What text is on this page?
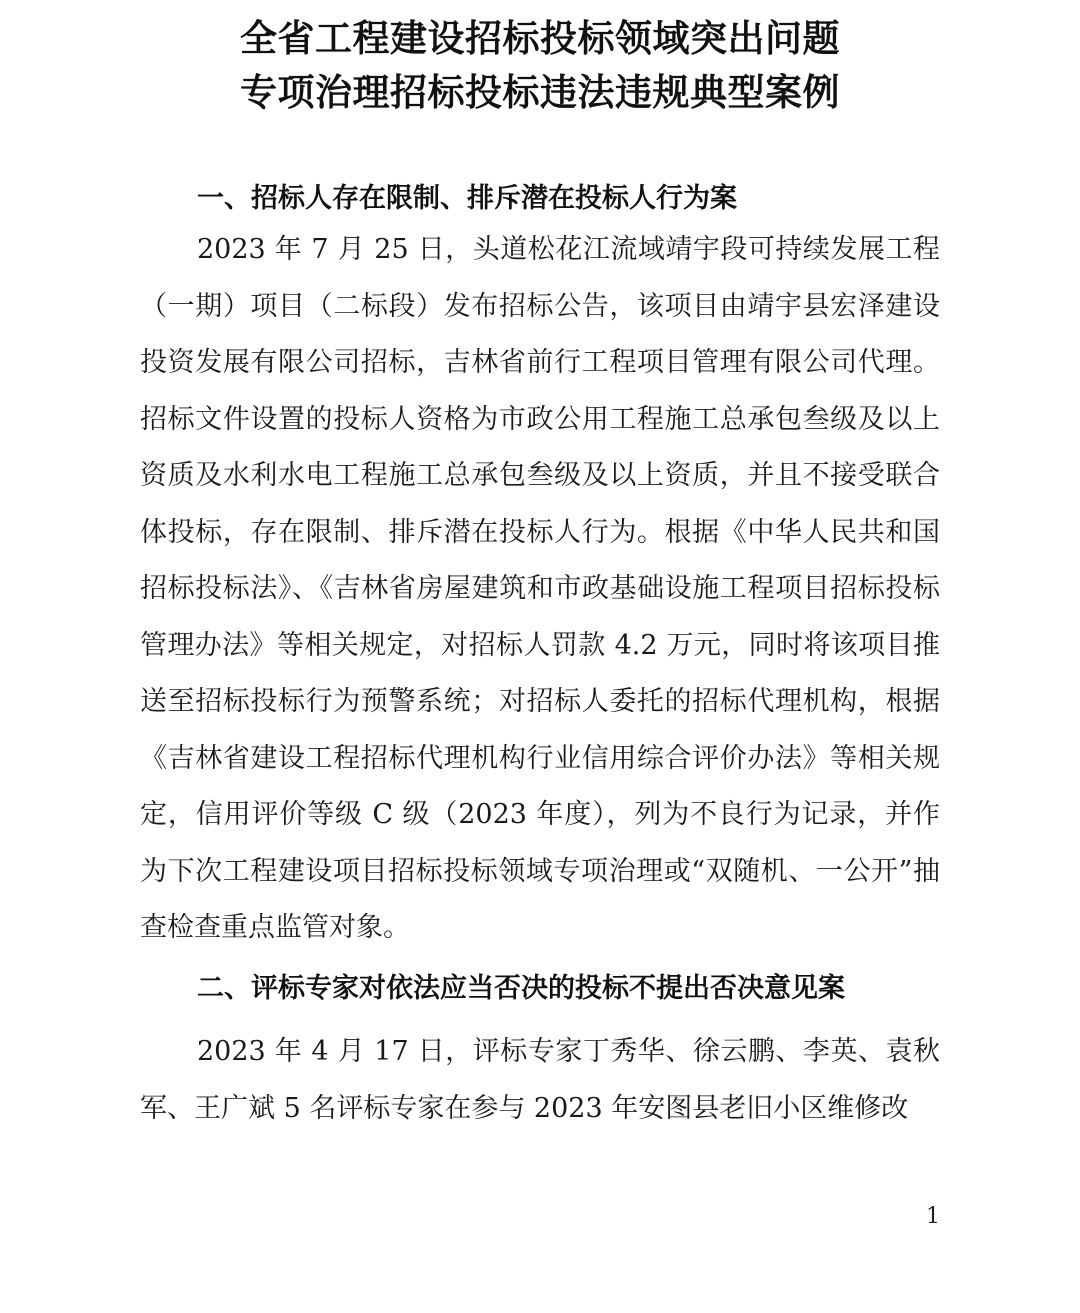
全省工程建设招标投标领域突出问题
专项治理招标投标违法违规典型案例
一、招标人存在限制、排斥潜在投标人行为案
2023 年 7 月 25 日，头道松花江流域靖宇段可持续发展工程（一期）项目（二标段）发布招标公告，该项目由靖宇县宏泽建设投资发展有限公司招标，吉林省前行工程项目管理有限公司代理。招标文件设置的投标人资格为市政公用工程施工总承包叁级及以上资质及水利水电工程施工总承包叁级及以上资质，并且不接受联合体投标，存在限制、排斥潜在投标人行为。根据《中华人民共和国招标投标法》、《吉林省房屋建筑和市政基础设施工程项目招标投标管理办法》等相关规定，对招标人罚款 4.2 万元，同时将该项目推送至招标投标行为预警系统；对招标人委托的招标代理机构，根据《吉林省建设工程招标代理机构行业信用综合评价办法》等相关规定，信用评价等级 C 级（2023 年度），列为不良行为记录，并作为下次工程建设项目招标投标领域专项治理或“双随机、一公开”抽查检查重点监管对象。
二、评标专家对依法应当否决的投标不提出否决意见案
2023 年 4 月 17 日，评标专家丁秀华、徐云鹏、李英、袁秋军、王广斌 5 名评标专家在参与 2023 年安图县老旧小区维修改
1
